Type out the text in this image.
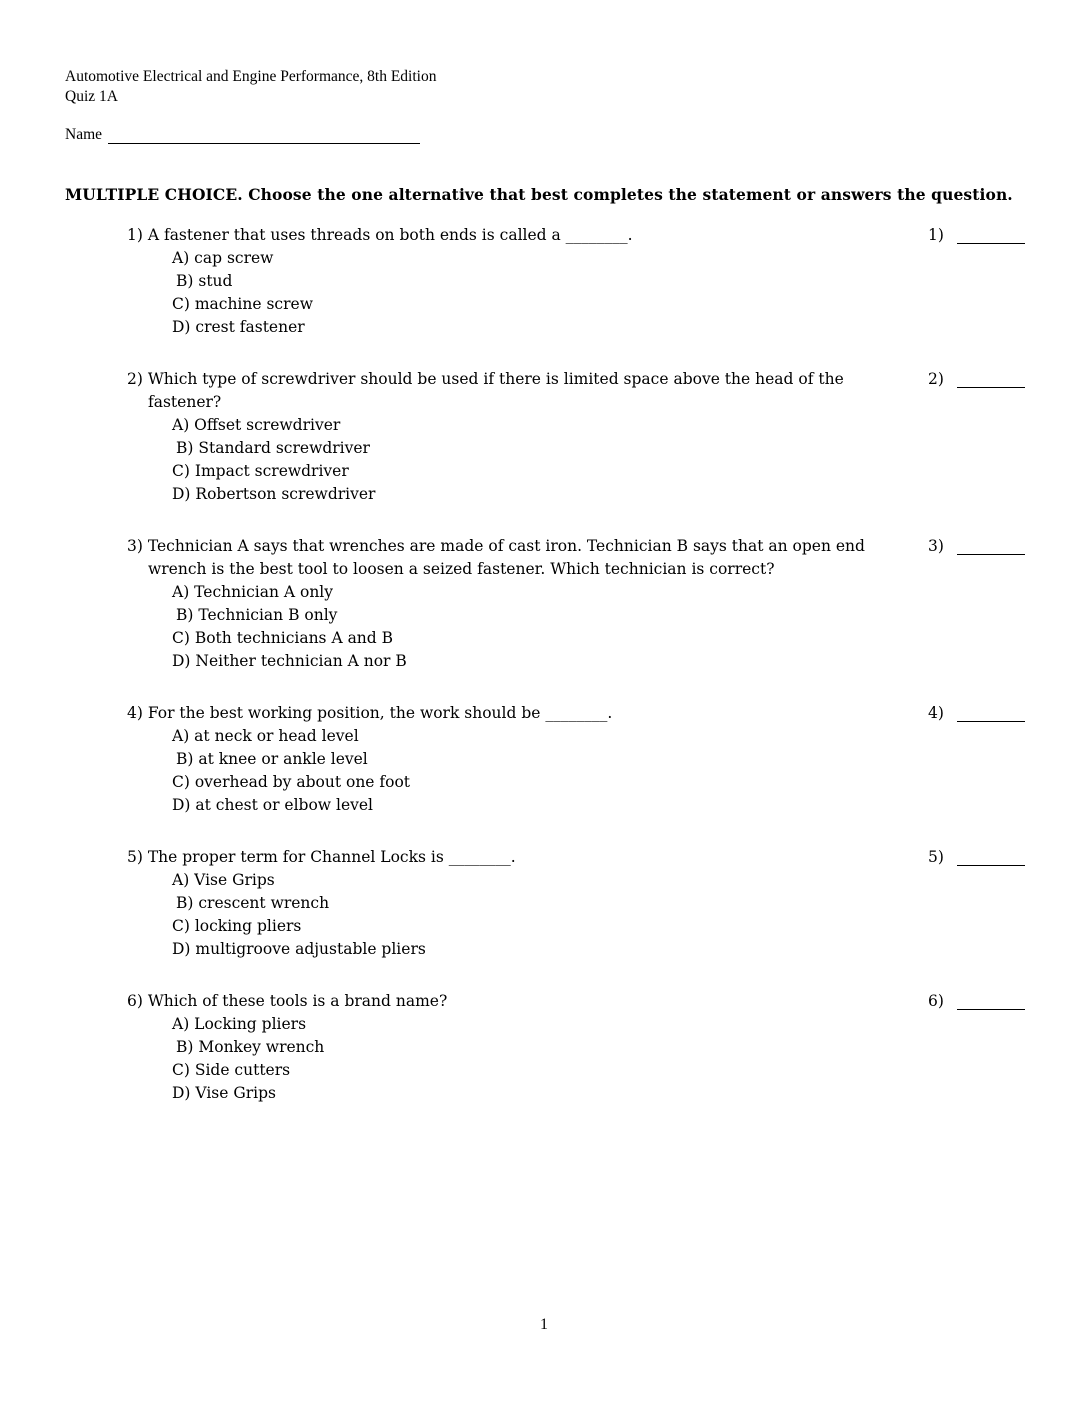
Automotive Electrical and Engine Performance, 8th Edition
Quiz 1A
Name
MULTIPLE CHOICE. Choose the one alternative that best completes the statement or answers the question.
1) A fastener that uses threads on both ends is called a ________.
A) cap screw
B) stud
C) machine screw
D) crest fastener
1)
2) Which type of screwdriver should be used if there is limited space above the head of the fastener?
A) Offset screwdriver
B) Standard screwdriver
C) Impact screwdriver
D) Robertson screwdriver
2)
3) Technician A says that wrenches are made of cast iron. Technician B says that an open end wrench is the best tool to loosen a seized fastener. Which technician is correct?
A) Technician A only
B) Technician B only
C) Both technicians A and B
D) Neither technician A nor B
3)
4) For the best working position, the work should be ________.
A) at neck or head level
B) at knee or ankle level
C) overhead by about one foot
D) at chest or elbow level
4)
5) The proper term for Channel Locks is ________.
A) Vise Grips
B) crescent wrench
C) locking pliers
D) multigroove adjustable pliers
5)
6) Which of these tools is a brand name?
A) Locking pliers
B) Monkey wrench
C) Side cutters
D) Vise Grips
6)
1
